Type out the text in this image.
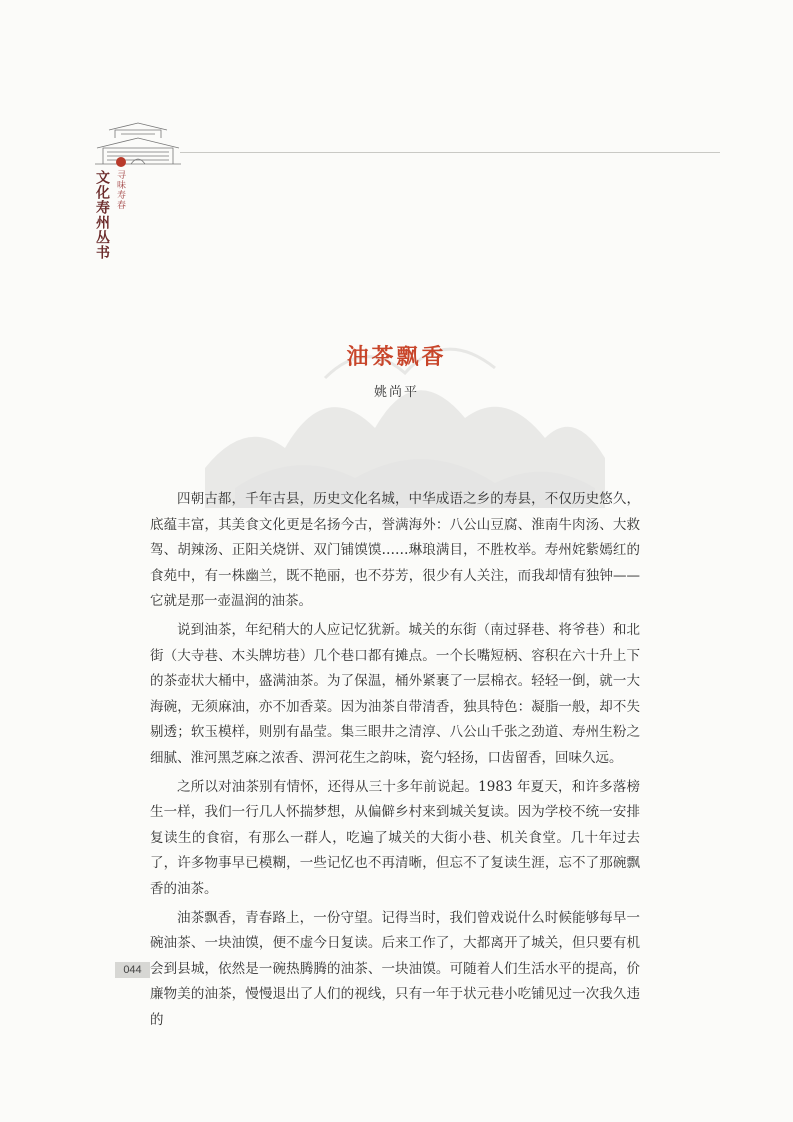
文化寿州丛书 寻味寿春
油茶飘香
姚尚平

四朝古都，千年古县，历史文化名城，中华成语之乡的寿县，不仅历史悠久，底蕴丰富，其美食文化更是名扬今古，誉满海外：八公山豆腐、淮南牛肉汤、大救驾、胡辣汤、正阳关烧饼、双门铺馍馍……琳琅满目，不胜枚举。寿州姹紫嫣红的食苑中，有一株幽兰，既不艳丽，也不芬芳，很少有人关注，而我却情有独钟——它就是那一壶温润的油茶。

说到油茶，年纪稍大的人应记忆犹新。城关的东街（南过驿巷、将爷巷）和北街（大寺巷、木头牌坊巷）几个巷口都有摊点。一个长嘴短柄、容积在六十升上下的茶壶状大桶中，盛满油茶。为了保温，桶外紧裹了一层棉衣。轻轻一倒，就一大海碗，无须麻油，亦不加香菜。因为油茶自带清香，独具特色：凝脂一般，却不失剔透；软玉模样，则别有晶莹。集三眼井之清淳、八公山千张之劲道、寿州生粉之细腻、淮河黑芝麻之浓香、淠河花生之韵味，瓷勺轻扬，口齿留香，回味久远。

之所以对油茶别有情怀，还得从三十多年前说起。1983 年夏天，和许多落榜生一样，我们一行几人怀揣梦想，从偏僻乡村来到城关复读。因为学校不统一安排复读生的食宿，有那么一群人，吃遍了城关的大街小巷、机关食堂。几十年过去了，许多物事早已模糊，一些记忆也不再清晰，但忘不了复读生涯，忘不了那碗飘香的油茶。

油茶飘香，青春路上，一份守望。记得当时，我们曾戏说什么时候能够每早一碗油茶、一块油馍，便不虚今日复读。后来工作了，大都离开了城关，但只要有机会到县城，依然是一碗热腾腾的油茶、一块油馍。可随着人们生活水平的提高，价廉物美的油茶，慢慢退出了人们的视线，只有一年于状元巷小吃铺见过一次我久违的

044
